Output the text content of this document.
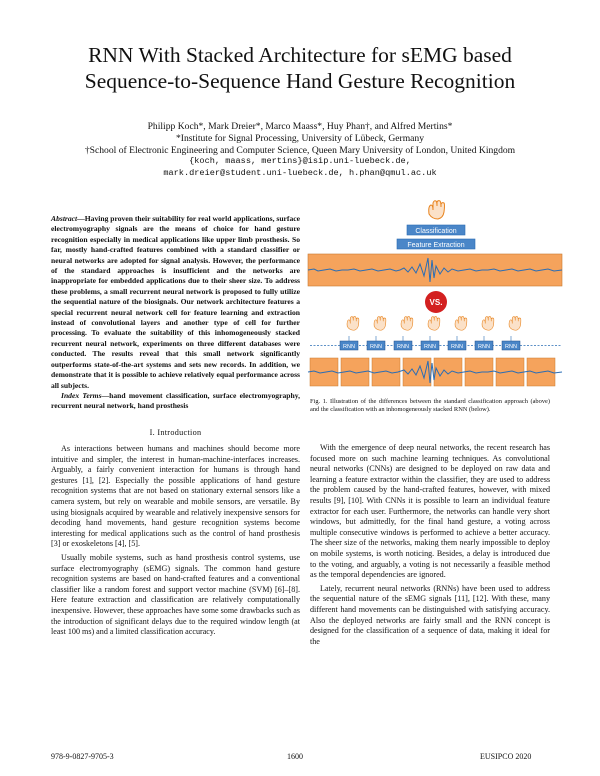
RNN With Stacked Architecture for sEMG based
Sequence-to-Sequence Hand Gesture Recognition
Philipp Koch*, Mark Dreier*, Marco Maass*, Huy Phan†, and Alfred Mertins*
*Institute for Signal Processing, University of Lübeck, Germany
†School of Electronic Engineering and Computer Science, Queen Mary University of London, United Kingdom
{koch, maass, mertins}@isip.uni-luebeck.de,
mark.dreier@student.uni-luebeck.de, h.phan@qmul.ac.uk

Abstract—Having proven their suitability for real world applications, surface electromyography signals are the means of choice for hand gesture recognition especially in medical applications like upper limb prosthesis. So far, mostly hand-crafted features combined with a standard classifier or neural networks are adopted for signal analysis. However, the performance of the standard approaches is insufficient and the networks are inappropriate for embedded applications due to their sheer size. To address these problems, a small recurrent neural network is proposed to fully utilize the sequential nature of the biosignals. Our network architecture features a special recurrent neural network cell for feature learning and extraction instead of convolutional layers and another type of cell for further processing. To evaluate the suitability of this inhomogeneously stacked recurrent neural network, experiments on three different databases were conducted. The results reveal that this small network significantly outperforms state-of-the-art systems and sets new records. In addition, we demonstrate that it is possible to achieve relatively equal performance across all subjects.

Index Terms—hand movement classification, surface electromyography, recurrent neural network, hand prosthesis

Classification
Feature Extraction
VS.
RNN	RNN	RNN	RNN	RNN	RNN	RNN
Fig. 1. Illustration of the differences between the standard classification approach (above) and the classification with an inhomogeneously stacked RNN (below).
I. Introduction

As interactions between humans and machines should become more intuitive and simpler, the interest in human-machine-interfaces increases. Arguably, a fairly convenient interaction for humans is through hand gestures [1], [2]. Especially the possible applications of hand gesture recognition systems that are not based on stationary external sensors like a camera system, but rely on wearable and mobile sensors, are versatile. By using biosignals acquired by wearable and relatively inexpensive sensors for decoding hand movements, hand gesture recognition systems become interesting for medical applications such as the control of hand prosthesis [3] or exoskeletons [4], [5].

Usually mobile systems, such as hand prosthesis control systems, use surface electromyography (sEMG) signals. The common hand gesture recognition systems are based on hand-crafted features and a conventional classifier like a random forest and support vector machine (SVM) [6]–[8]. Here feature extraction and classification are relatively computationally inexpensive. However, these approaches have some some drawbacks such as the introduction of significant delays due to the required window length (at least 100 ms) and a limited classification accuracy.

With the emergence of deep neural networks, the recent research has focused more on such machine learning techniques. As convolutional neural networks (CNNs) are designed to be deployed on raw data and learning a feature extractor within the classifier, they are used to address the problem caused by the hand-crafted features, however, with mixed results [9], [10]. With CNNs it is possible to learn an individual feature extractor for each user. Furthermore, the networks can handle very short windows, but admittedly, for the final hand gesture, a voting across multiple consecutive windows is performed to achieve a better accuracy. The sheer size of the networks, making them nearly impossible to deploy on mobile systems, is worth noticing. Besides, a delay is introduced due to the voting, and arguably, a voting is not necessarily a feasible method as the temporal dependencies are ignored.

Lately, recurrent neural networks (RNNs) have been used to address the sequential nature of the sEMG signals [11], [12]. With these, many different hand movements can be distinguished with satisfying accuracy. Also the deployed networks are fairly small and the RNN concept is designed for the classification of a sequence of data, making it ideal for the

978-9-0827-9705-3	1600	EUSIPCO 2020
